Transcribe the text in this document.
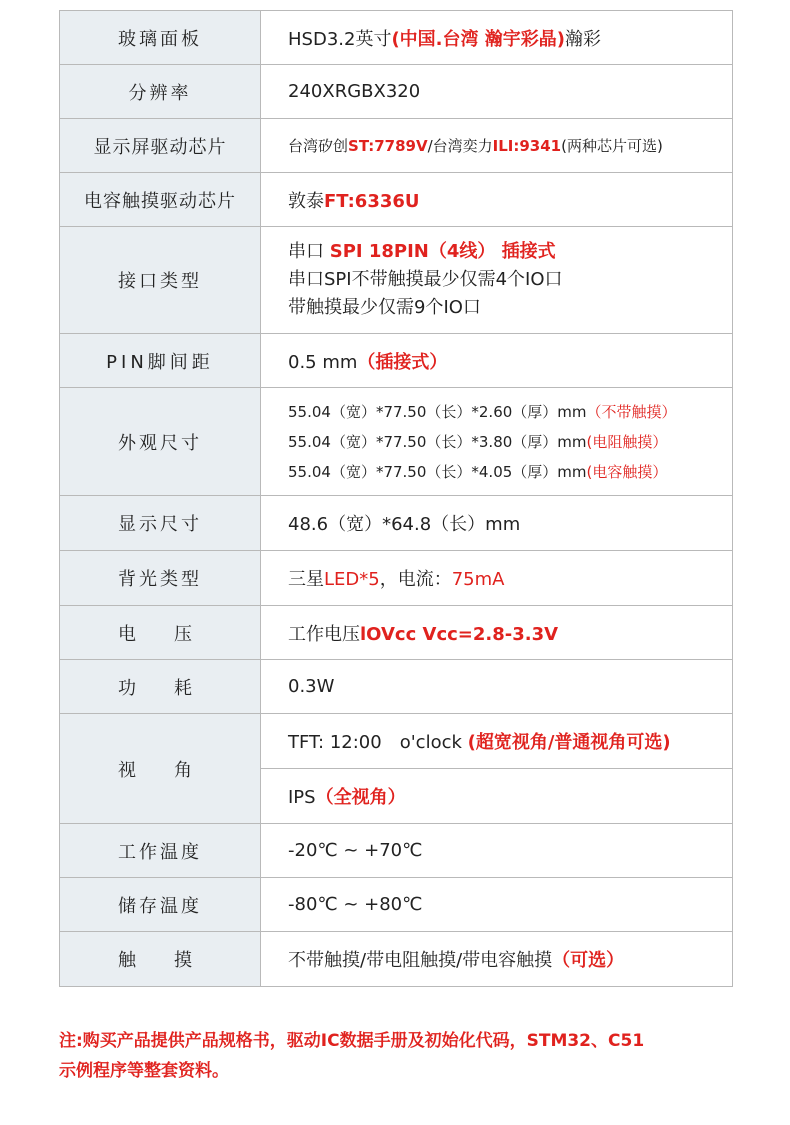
玻璃面板	HSD3.2英寸(中国.台湾 瀚宇彩晶)瀚彩
分辨率	240XRGBX320
显示屏驱动芯片	台湾矽创ST:7789V/台湾奕力ILI:9341(两种芯片可选)
电容触摸驱动芯片	敦泰FT:6336U
接口类型	串口 SPI 18PIN（4线） 插接式
串口SPI不带触摸最少仅需4个IO口
带触摸最少仅需9个IO口

PIN脚间距	0.5 mm（插接式）
外观尺寸	55.04（宽）*77.50（长）*2.60（厚）mm（不带触摸）
55.04（宽）*77.50（长）*3.80（厚）mm(电阻触摸）
55.04（宽）*77.50（长）*4.05（厚）mm(电容触摸）

显示尺寸	48.6（宽）*64.8（长）mm
背光类型	三星LED*5，电流：75mA
电　压	工作电压lOVcc Vcc=2.8-3.3V
功　耗	0.3W
视　角	TFT: 12:00　o'clock (超宽视角/普通视角可选)
	IPS（全视角）
工作温度	-20℃ ~ +70℃
储存温度	-80℃ ~ +80℃
触　摸	不带触摸/带电阻触摸/带电容触摸（可选）
注:购买产品提供产品规格书，驱动IC数据手册及初始化代码，STM32、C51
示例程序等整套资料。
